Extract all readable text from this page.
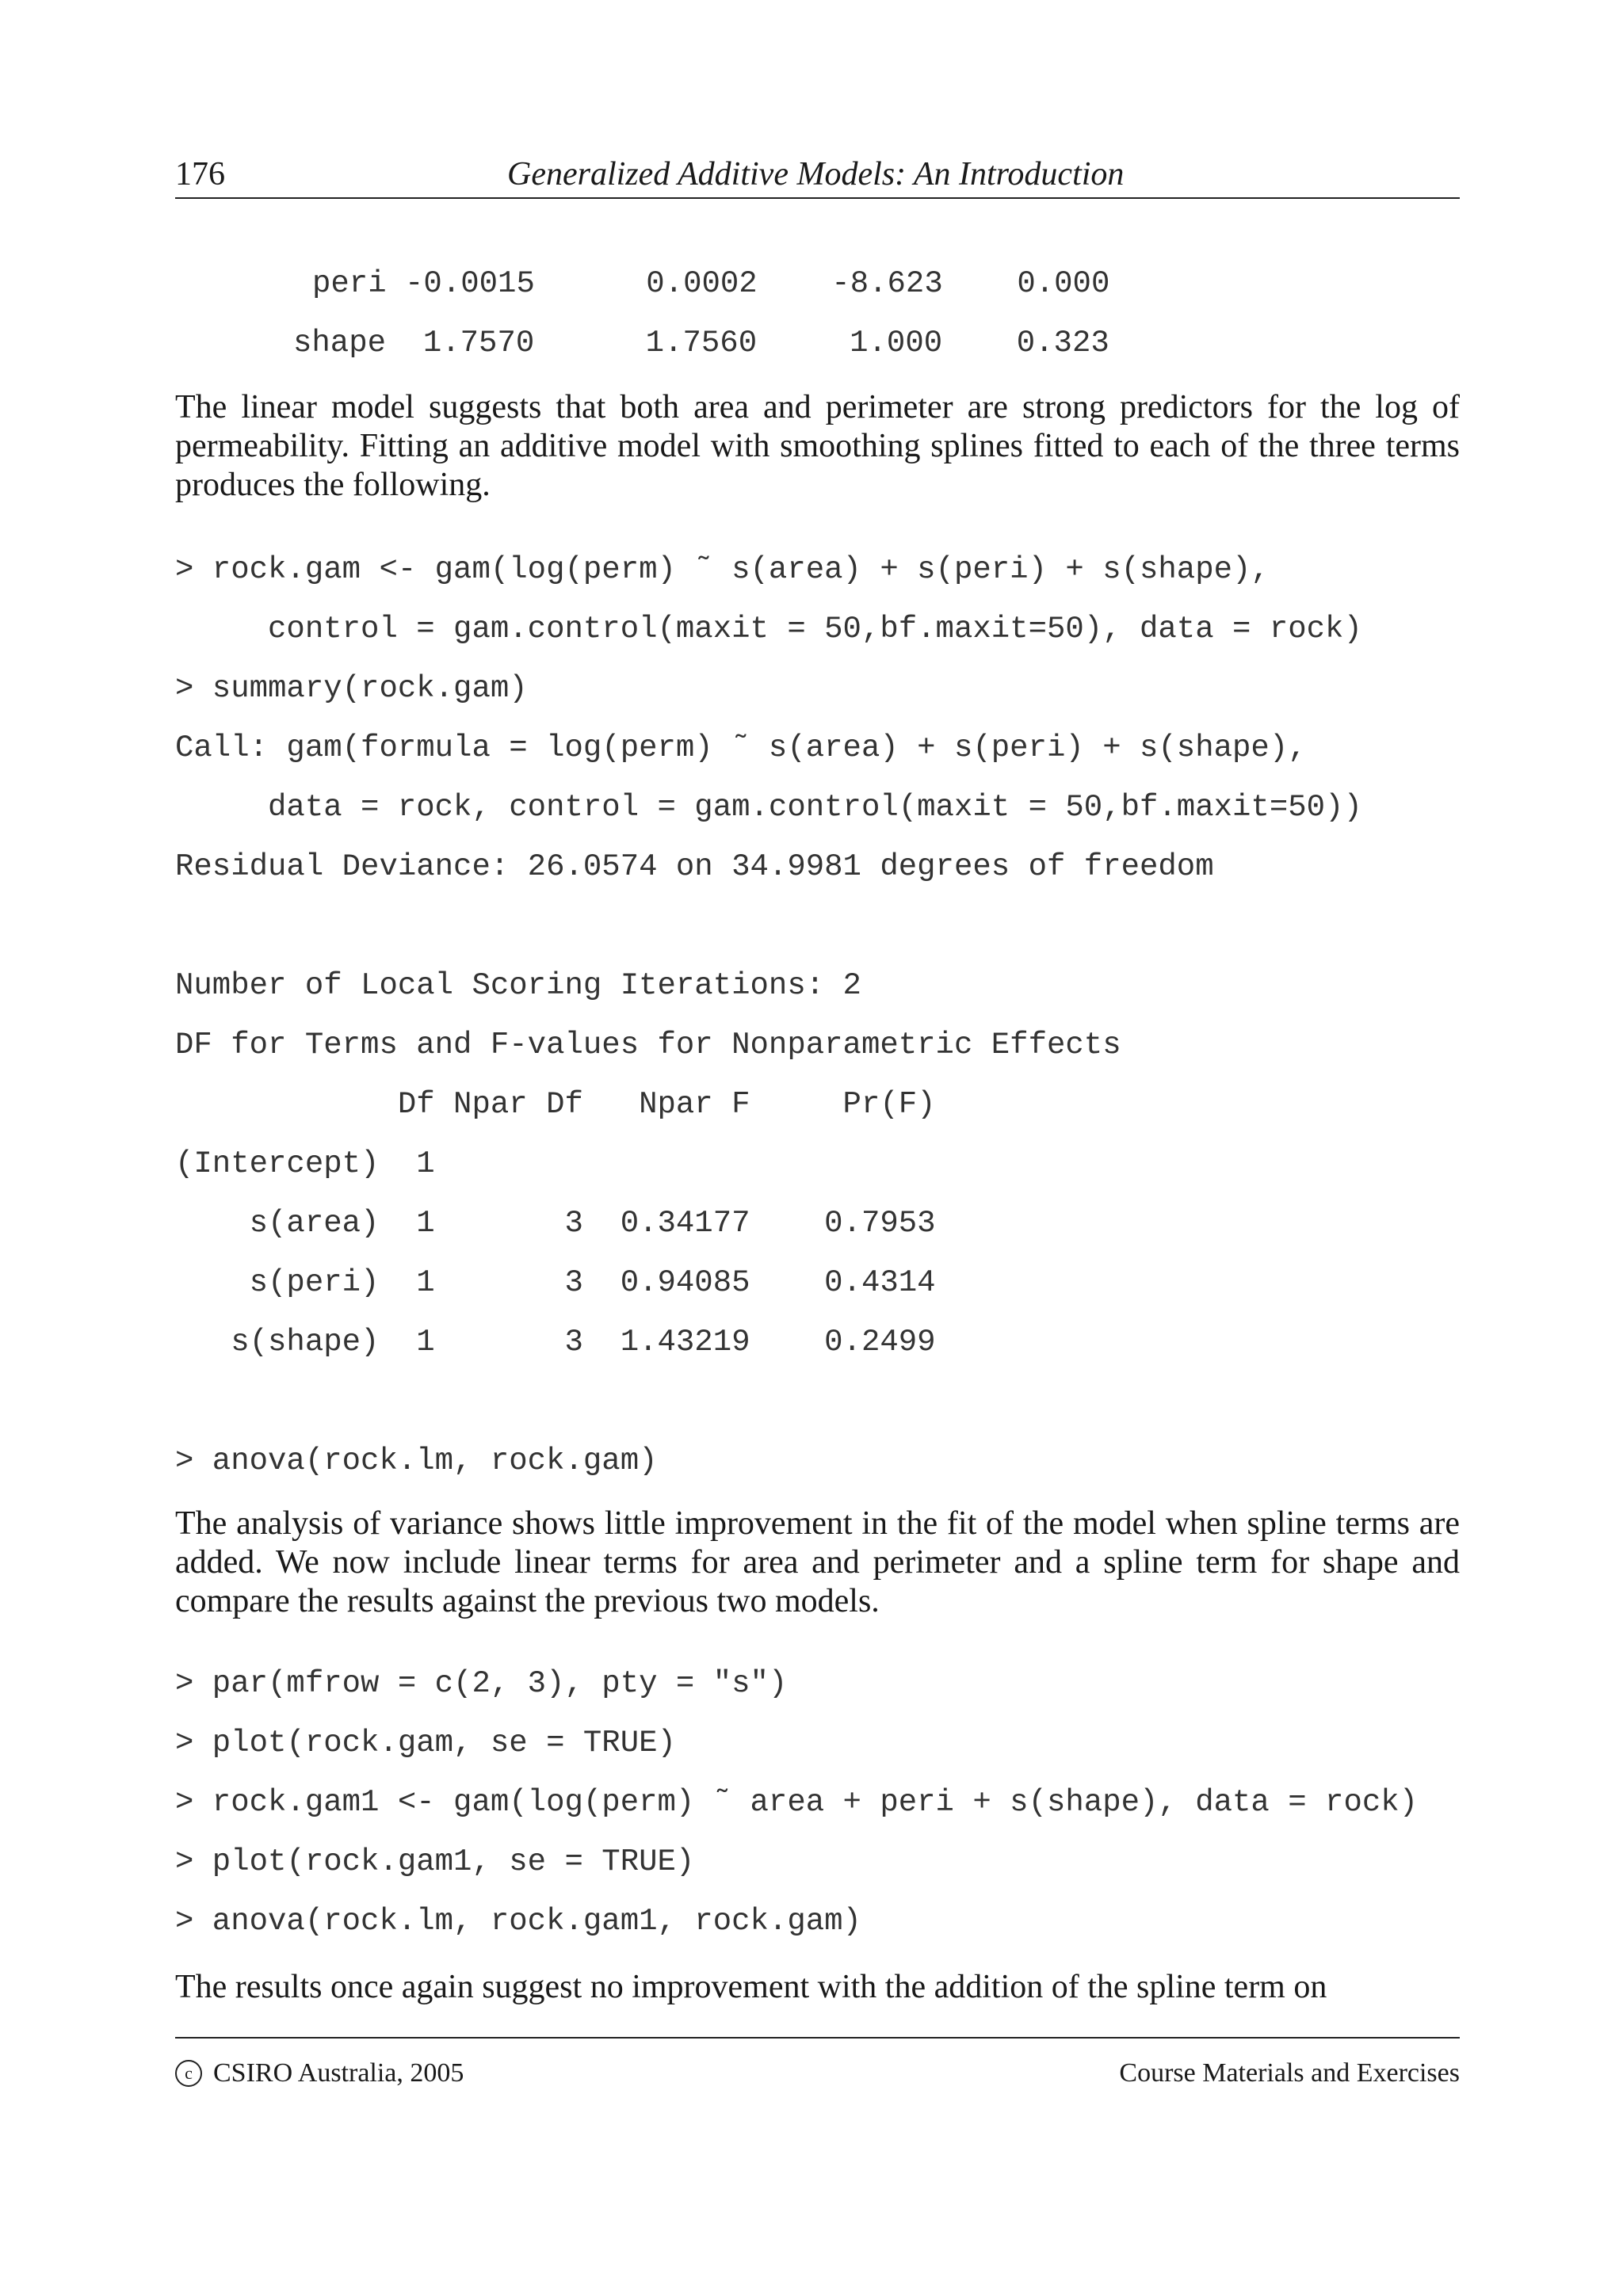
176	Generalized Additive Models: An Introduction
peri -0.0015      0.0002    -8.623    0.000
shape  1.7570      1.7560     1.000    0.323

The linear model suggests that both area and perimeter are strong predictors for the log of permeability. Fitting an additive model with smoothing splines fitted to each of the three terms produces the following.

> rock.gam <- gam(log(perm) ˜ s(area) + s(peri) + s(shape),
control = gam.control(maxit = 50,bf.maxit=50), data = rock)
> summary(rock.gam)
Call: gam(formula = log(perm) ˜ s(area) + s(peri) + s(shape),
data = rock, control = gam.control(maxit = 50,bf.maxit=50))
Residual Deviance: 26.0574 on 34.9981 degrees of freedom
Number of Local Scoring Iterations: 2
DF for Terms and F-values for Nonparametric Effects
Df Npar Df   Npar F     Pr(F)
(Intercept)  1
s(area)  1       3  0.34177    0.7953
s(peri)  1       3  0.94085    0.4314
s(shape)  1       3  1.43219    0.2499
> anova(rock.lm, rock.gam)

The analysis of variance shows little improvement in the fit of the model when spline terms are added. We now include linear terms for area and perimeter and a spline term for shape and compare the results against the previous two models.

> par(mfrow = c(2, 3), pty = "s")
> plot(rock.gam, se = TRUE)
> rock.gam1 <- gam(log(perm) ˜ area + peri + s(shape), data = rock)
> plot(rock.gam1, se = TRUE)
> anova(rock.lm, rock.gam1, rock.gam)

The results once again suggest no improvement with the addition of the spline term on

c CSIRO Australia, 2005	Course Materials and Exercises
